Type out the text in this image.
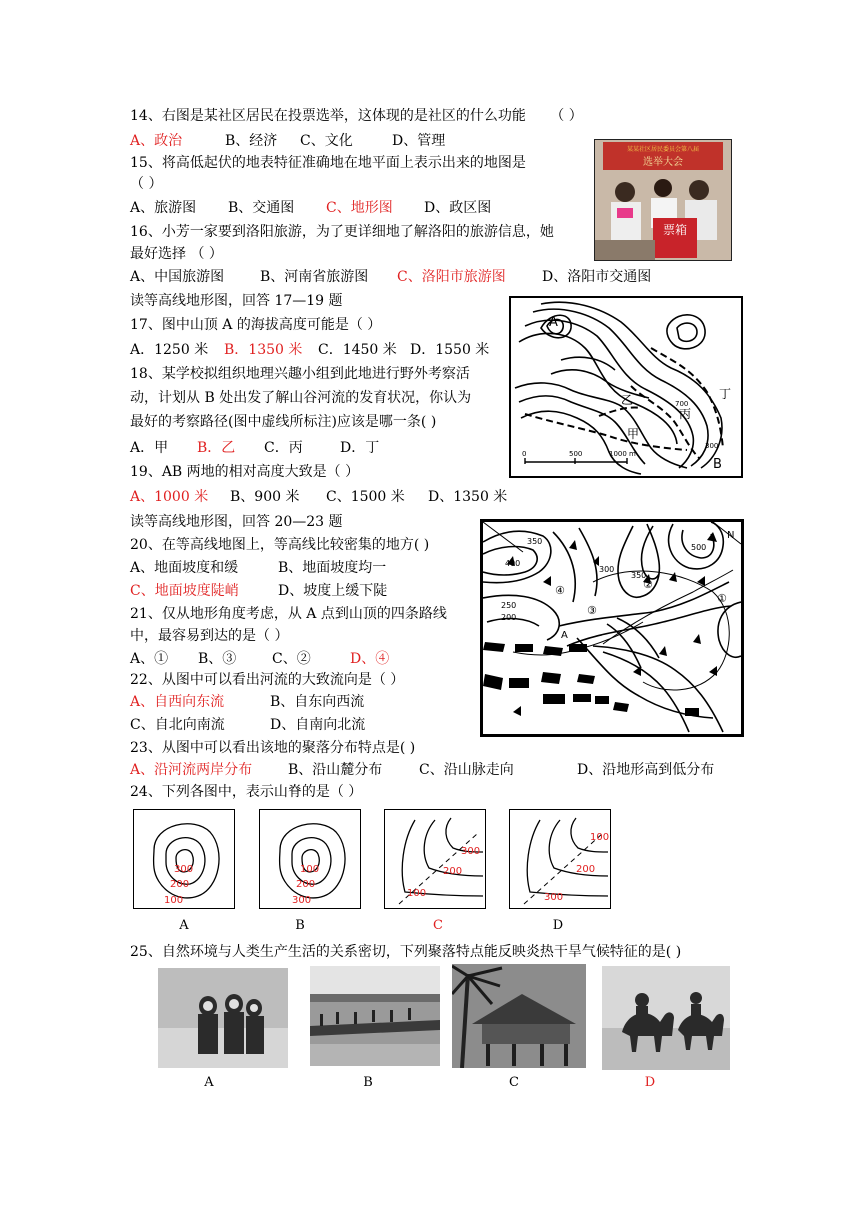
14、右图是某社区居民在投票选举，这体现的是社区的什么功能 （ ）
A、政治	B、经济 C、文化	D、管理
某某社区居民委员会第八届
选举大会
票箱
15、将高低起伏的地表特征准确地在地平面上表示出来的地图是
（ ）
A、旅游图 B、交通图 C、地形图 D、政区图
16、小芳一家要到洛阳旅游，为了更详细地了解洛阳的旅游信息，她
最好选择 （ ）
A、中国旅游图	B、河南省旅游图 C、洛阳市旅游图	D、洛阳市交通图
读等高线地形图，回答 17—19 题
A
乙
丙
丁
甲
B
700
300
0	500	1000 m
17、图中山顶 A 的海拔高度可能是（ ）
A．1250 米 B．1350 米 C．1450 米 D．1550 米
18、某学校拟组织地理兴趣小组到此地进行野外考察活
动，计划从 B 处出发了解山谷河流的发育状况，你认为
最好的考察路径(图中虚线所标注)应该是哪一条( )
A．甲 B．乙 C．丙	D．丁
19、AB 两地的相对高度大致是（ ）
A、1000 米 B、900 米 C、1500 米 D、1350 米
读等高线地形图，回答 20—23 题
350
400
300
250
200
350
500
N
①
②
③
④
A
20、在等高线地图上，等高线比较密集的地方( )
A、地面坡度和缓	B、地面坡度均一
C、地面坡度陡峭	D、坡度上缓下陡
21、仅从地形角度考虑，从 A 点到山顶的四条路线
中，最容易到达的是（ ）
A、① B、③	C、②	D、④
22、从图中可以看出河流的大致流向是（ ）
A、自西向东流	B、自东向西流
C、自北向南流	D、自南向北流
23、从图中可以看出该地的聚落分布特点是( )
A、沿河流两岸分布	B、沿山麓分布	C、沿山脉走向	D、沿地形高到低分布
24、下列各图中，表示山脊的是（ ）
300
200
100
100
200
300
300
200
100
100
200
300
A	B	C	D
25、自然环境与人类生产生活的关系密切，下列聚落特点能反映炎热干旱气候特征的是( )
A	B	C	D
